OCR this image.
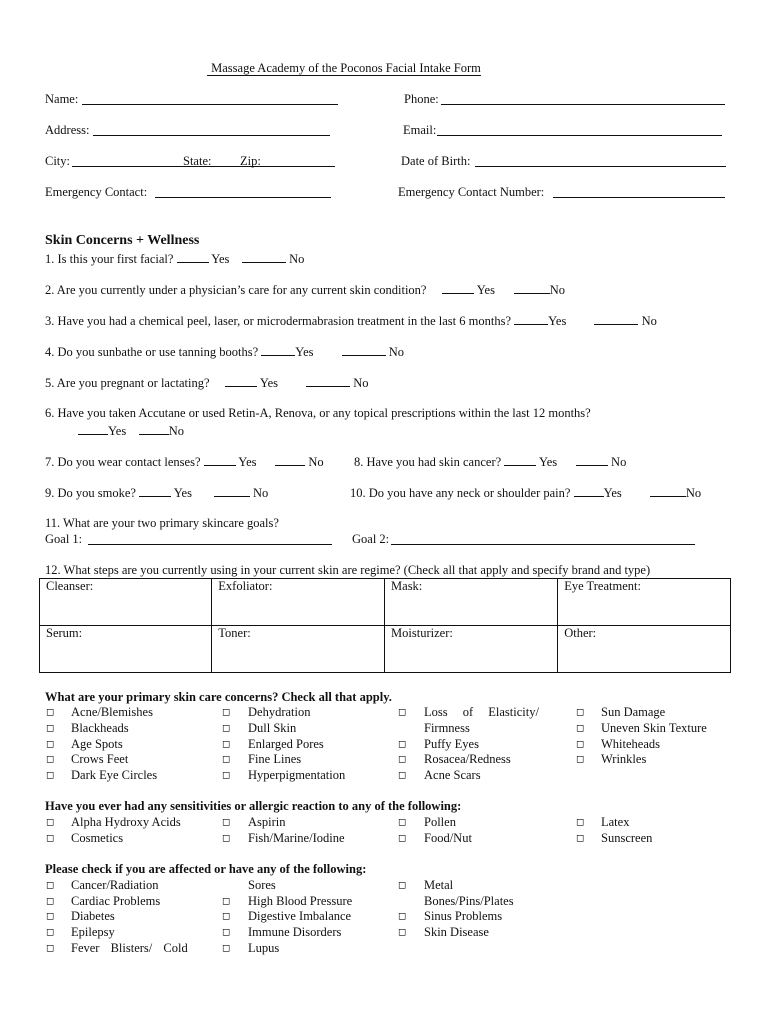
Massage Academy of the Poconos Facial Intake Form
Name:	Phone:
Address:	Email:
City:	State: Zip:	Date of Birth:
Emergency Contact:	Emergency Contact Number:
Skin Concerns + Wellness
1. Is this your first facial?	Yes	No
2. Are you currently under a physician’s care for any current skin condition?	Yes	No
3. Have you had a chemical peel, laser, or microdermabrasion treatment in the last 6 months?	Yes	No
4. Do you sunbathe or use tanning booths?	Yes	No
5. Are you pregnant or lactating?	Yes	No
6. Have you taken Accutane or used Retin-A, Renova, or any topical prescriptions within the last 12 months?
Yes	No
7. Do you wear contact lenses?	Yes	No 8. Have you had skin cancer?	Yes	No
9. Do you smoke?	Yes	No	10. Do you have any neck or shoulder pain?	Yes	No
11. What are your two primary skincare goals?
Goal 1:	Goal 2:
12. What steps are you currently using in your current skin are regime? (Check all that apply and specify brand and type)
Cleanser:	Exfoliator:	Mask:	Eye Treatment:
Serum:	Toner:	Moisturizer:	Other:
What are your primary skin care concerns? Check all that apply.
◻ Acne/Blemishes
◻ Blackheads
◻ Age Spots
◻ Crows Feet
◻ Dark Eye Circles
◻ Dehydration
◻ Dull Skin
◻ Enlarged Pores
◻ Fine Lines
◻ Hyperpigmentation
◻ Loss of Elasticity/
Firmness
◻ Puffy Eyes
◻ Rosacea/Redness
◻ Acne Scars
◻ Sun Damage
◻ Uneven Skin Texture
◻ Whiteheads
◻ Wrinkles
Have you ever had any sensitivities or allergic reaction to any of the following:
◻ Alpha Hydroxy Acids
◻ Cosmetics
◻ Aspirin
◻ Fish/Marine/Iodine
◻ Pollen
◻ Food/Nut
◻ Latex
◻ Sunscreen
Please check if you are affected or have any of the following:
◻ Cancer/Radiation
◻ Cardiac Problems
◻ Diabetes
◻ Epilepsy
◻ Fever Blisters/ Cold
Sores
◻ High Blood Pressure
◻ Digestive Imbalance
◻ Immune Disorders
◻ Lupus
◻ Metal
Bones/Pins/Plates
◻ Sinus Problems
◻ Skin Disease
